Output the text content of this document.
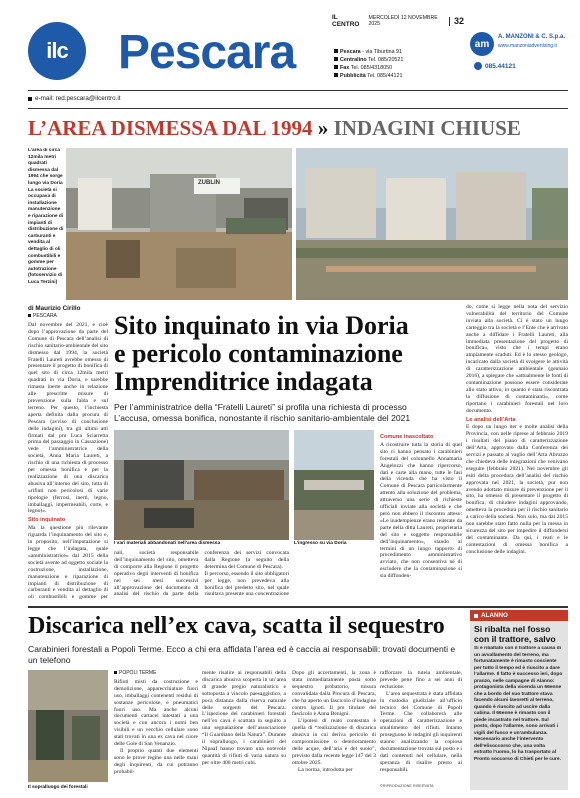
ilc Pescara
IL CENTRO
MERCOLEDÌ 12 NOVEMBRE 2025	32
Pescara - via Tiburtina 91
Centralino Tel. 085/20521
Fax Tel. 085/4318050
Pubblicità Tel. 085/44121
am
A. MANZONI & C. S.p.a.
www.manzoniadvertising.it
085.44121
e-mail: red.pescara@ilcentro.it
L’AREA DISMESSA DAL 1994 » INDAGINI CHIUSE
L’area di circa 12mila metri quadrati dismessa dal 1994 che sorge lungo via Doria La società si occupava di installazione manutenzione e riparazione di impianti di distribuzione di carburanti e vendita al dettaglio di oli combustibili e gomme per autotrazione (fotoservizio di Luca Terzini)
ZUBLIN
di Maurizio Cirillo
PESCARA	Sito inquinato in via Doria
e pericolo contaminazione
Imprenditrice indagata
Per l’amministratrice della “Fratelli Laureti” si profila una richiesta di processo
L’accusa, omessa bonifica, nonostante il rischio sanitario-ambientale del 2021

Dal novembre del 2021, e cioè dopo l’approvazione da parte del Comune di Pescara dell’analisi di rischio sanitario-ambientale del sito dismesso dal 1994, la società Fratelli Laureti avrebbe omesso di presentare il progetto di bonifica di quel sito di circa 12mila metri quadrati in via Doria, e sarebbe rimasta inerte anche in relazione alle prescritte misure di prevenzione sulla falda e sul terreno. Per questo, l’inchiesta aperta definita dalla procura di Pescara (avviso di conclusione delle indagini), tra gli ultimi atti firmati dal pm Luca Sciarretta prima del passaggio in Cassazione) vede l’amministratrice della società, Anna Maria Laureti, a rischio di una richiesta di processo per omessa bonifica e per la realizzazione di una discarica abusiva all’interno del sito, tutta di «rifiuti non pericolosi di varie tipologie (ferrosi, inerti, legno, imballaggi, impermeabili, corte, e legno)».

Sito inquinato

Ma la questione più rilevante riguarda l’inquinamento del sito e, in proposito, nell’imputazione si legge che l’indagata, quale «amministratrice» dal 2015 della società avente ad oggetto sociale la costruzione, installazione, manutenzione e riparazione di impianti di distribuzione di carburanti e vendita al dettaglio di oli combustibili e gomme per

I vari materiali abbandonati nell’area dismessa	L’ingresso su via Doria

nali, società responsabile dell’inquinamento del sito, ometteva di comporre alla Regione il progetto operativo degli interventi di bonifica nei sei mesi successivi all’approvazione del documento di analisi del rischio da parte della conferenza dei servizi convocata dalla Regione (a seguito della determina del Comune di Pescara).

Il percorso, essendo il sito obbligatori per legge, non prevedeva alla bonifica del predetto sito, nel quale risultava presente una concentrazione

Comune inascoltato

A ricostruire tutta la storia di quel sito ci hanno pensato i carabinieri forestali del colonnello Annamaria Angelozzi che hanno ripercorso, dati e carte alla mano, tutte le fasi della vicenda che ha visto il Comune di Pescara particolarmente attento alla soluzione del problema, attraverso una serie di richieste ufficiali inviate alla società e che però non ebbero il riscontro atteso: «Le inadempienze erano reiterate da parte della ditta Laureti, proprietaria del sito e soggetto responsabile dell’inquinamento», stando ai termini di un lungo rapporto di procedimento amministrativo avviato, che non consentiva né di escludere che la contaminazione si sia diffonden-

do, come si legge nella nota del servizio vulnerabilità del territorio del Comune inviata alla società. Ci è stato un lungo carteggio tra la società e l’Ente che è arrivato anche a diffidare i Fratelli Laureti, alla immediata presentazione del progetto di bonifica», visto che i tempi erano ampiamente scaduti. Ed è lo stesso geologo, incaricato dalla società di svolgere le attività di caratterizzazione ambientale (gennaio 2016), a spiegare che «attualmente le fonti di contaminazione possono essere considerate allo stato attivo, in quanto è stata riscontrata la diffusione di contaminanti», come riportano i carabinieri forestali nel loro documento.

Le analisi dell’Arta

E dopo un lungo iter e molte analisi della Provincia, con nelle riprese al febbraio 2019 i risultati del piano di caratterizzazione dell’Arta, approvato dalla Conferenza dei servizi e passato al vaglio dell’Arta Abruzzo che chiedeva delle integrazioni che venivano eseguite (febbraio 2021). Nel novembre gli esiti della procedura dell’analisi del rischio approvata nel 2021, la società, pur non avendo adottato misure di prevenzione per il sito, ha omesso di presentare il progetto di bonifica, di chiudere indagini approvando, ometteva la procedura per il rischio sanitario a carico della società. Non solo, ma dal 2015 non sarebbe stato fatto nulla per la messa in sicurezza del sito per impedire il diffondersi del contaminante. Da qui, i reati e le contestazioni di omessa bonifica a conclusione delle indagini.

Discarica nell’ex cava, scatta il sequestro
Carabinieri forestali a Popoli Terme. Ecco a chi era affidata l’area ed è caccia ai responsabili: trovati documenti e un telefono
Il sopralluogo dei forestali
POPOLI TERME

Rifiuti misti da costruzione e demolizione, apparecchiature fuori uso, imballaggi contenenti residui di sostanze pericolose, e pneumatici fuori uso. Ma anche alcuni documenti cartacei intestati a una società e con ancora i nomi ben visibili e un vecchio cellulare sono stati trovati in una ex cava nel cuore delle Gole di San Venanzio.

Il proprio quanti due elementi sono le prove regine una nelle mani degli inquirenti, da cui potranno probabil-

mente risalire ai responsabili della discarica abusiva scoperta in un’area di grande pregio naturalistico e sottoposta a vincolo paesaggistico, a poca distanza dalla riserva naturale delle sorgenti del Pescara. L’ispezione dei carabinieri forestali nell’ex cava è scattata in seguito a una segnalazione dell’associazione “Il Guardiano della Natura”. Durante il sopralluogo, i carabinieri del Nipaaf hanno trovato una notevole quantità di rifiuti di varia natura su per oltre 400 metri cubi.

Dopo gli accertamenti, la zona è stata immediatamente posta sotto sequestro probatorio, misura convalidata dalla Procura di Pescara, che ha aperto un fascicolo d’indagine contro ignoti. Il pm titolare del fascicolo è Anna Benigni.

L’ipotesi di reato contestata è quella di “realizzazione di discarica abusiva in cui deriva pericolo di compromissione o deterioramento delle acque, dell’aria e del suolo”, previsto dalla recente legge 147 del 3 ottobre 2025.

La norma, introdotta per

rafforzare la tutela ambientale, prevede pene fino a sei anni di reclusione.

L’area sequestrata è stata affidata in custodia giudiziale all’ufficio tecnico del Comune di Popoli Terme. Che collaborerà alle operazioni di caratterizzazione e smaltimento dei rifiuti. Intanto proseguono le indagini gli inquirenti stanno analizzando la copiosa documentazione trovata sul posto e i dati contenuti nel cellulare, nella speranza di risalire presto ai responsabili.

©RIPRODUZIONE RISERVATA
ALANNO
Si ribalta nel fosso con il trattore, salvo
Si è ribaltato con il trattore a causa di un avvallamento del terreno, ma fortunatamente è rimasto cosciente per tutto il tempo ed è riuscito a dare l’allarme. Il fatto è successo ieri, dopo pranzo, nelle campagne di Alanno: protagonista della vicenda un 66enne che a bordo del suo trattore stava facendo alcuni lavoretti al terreno, quando è riuscito ad uscire dalla cabina. Il 66enne è rimasto con il piede incastrato nel trattore. Sul posto, dopo l’allarme, sono arrivati i vigili del fuoco e un’ambulanza. Necessario anche l’intervento dell’elisoccorso che, una volta estratto l’uomo, lo ha trasportato al Pronto soccorso di Chieti per le cure.
